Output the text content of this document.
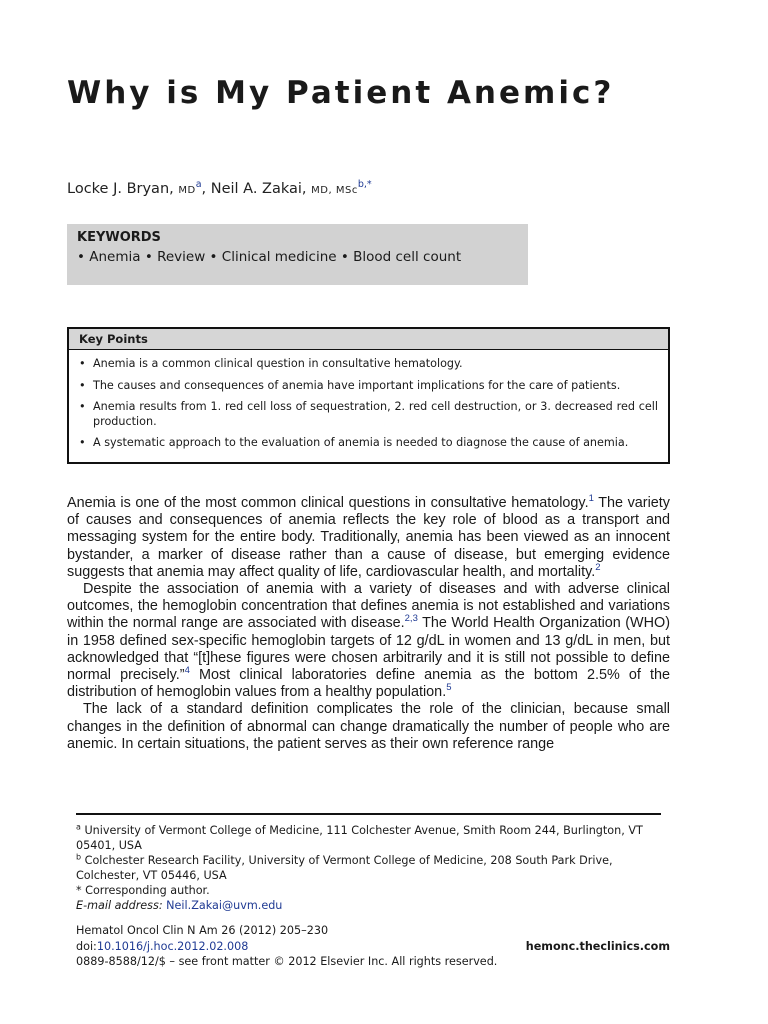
Why is My Patient Anemic?
Locke J. Bryan, $MD^a$, Neil A. Zakai, MD, MSc$^{b,*}$
KEYWORDS
• Anemia • Review • Clinical medicine • Blood cell count
Key Points
• Anemia is a common clinical question in consultative hematology.
• The causes and consequences of anemia have important implications for the care of patients.
• Anemia results from 1. red cell loss of sequestration, 2. red cell destruction, or 3. decreased red cell production.
• A systematic approach to the evaluation of anemia is needed to diagnose the cause of anemia.

Anemia is one of the most common clinical questions in consultative hematology.$^1$ The variety of causes and consequences of anemia reflects the key role of blood as a transport and messaging system for the entire body. Traditionally, anemia has been viewed as an innocent bystander, a marker of disease rather than a cause of disease, but emerging evidence suggests that anemia may affect quality of life, cardiovascular health, and mortality.$^2$

Despite the association of anemia with a variety of diseases and with adverse clinical outcomes, the hemoglobin concentration that defines anemia is not established and variations within the normal range are associated with disease.$^{2,3}$ The World Health Organization (WHO) in 1958 defined sex-specific hemoglobin targets of 12 g/dL in women and 13 g/dL in men, but acknowledged that “[t]hese figures were chosen arbitrarily and it is still not possible to define normal precisely.”$^4$ Most clinical laboratories define anemia as the bottom 2.5% of the distribution of hemoglobin values from a healthy population.$^5$

The lack of a standard definition complicates the role of the clinician, because small changes in the definition of abnormal can change dramatically the number of people who are anemic. In certain situations, the patient serves as their own reference range

$^a$ University of Vermont College of Medicine, 111 Colchester Avenue, Smith Room 244, Burlington, VT 05401, USA

$^b$ Colchester Research Facility, University of Vermont College of Medicine, 208 South Park Drive, Colchester, VT 05446, USA

* Corresponding author.

E-mail address: Neil.Zakai@uvm.edu

Hematol Oncol Clin N Am 26 (2012) 205–230
doi:10.1016/j.hoc.2012.02.008	hemonc.theclinics.com
0889-8588/12/$ – see front matter © 2012 Elsevier Inc. All rights reserved.
